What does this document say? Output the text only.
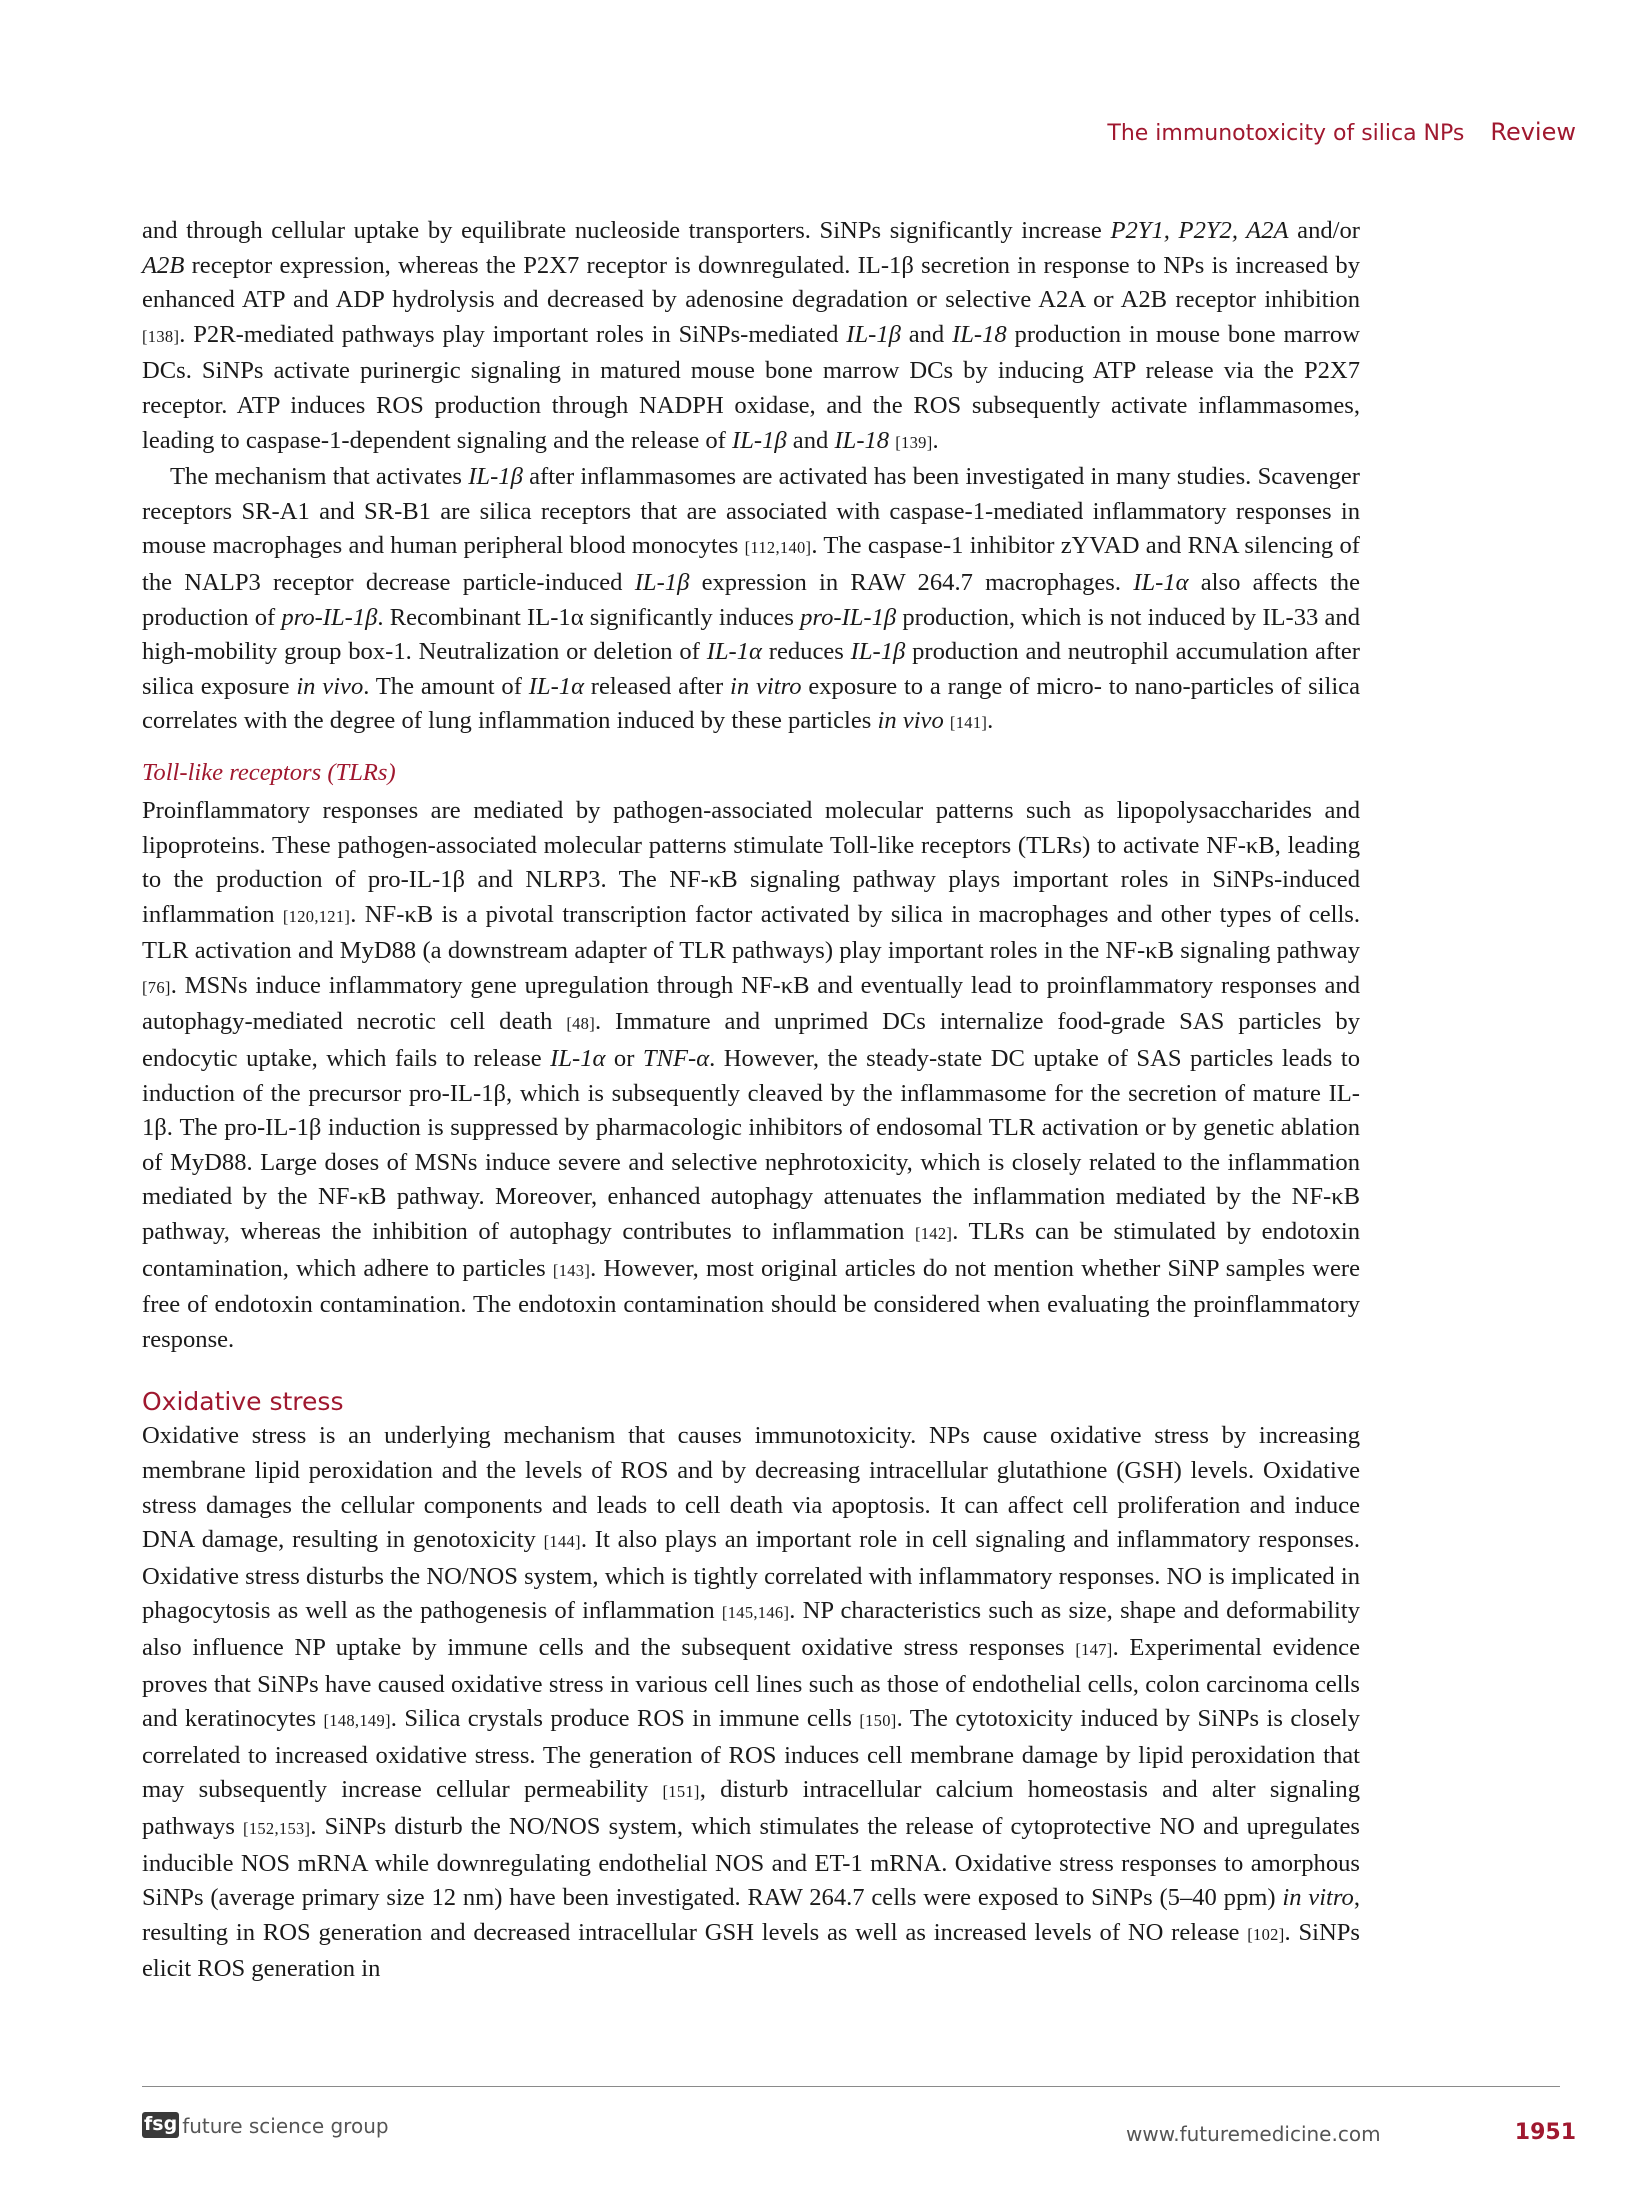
The immunotoxicity of silica NPs Review

and through cellular uptake by equilibrate nucleoside transporters. SiNPs significantly increase P2Y1, P2Y2, A2A and/or A2B receptor expression, whereas the P2X7 receptor is downregulated. IL-1β secretion in response to NPs is increased by enhanced ATP and ADP hydrolysis and decreased by adenosine degradation or selective A2A or A2B receptor inhibition [138]. P2R-mediated pathways play important roles in SiNPs-mediated IL-1β and IL-18 production in mouse bone marrow DCs. SiNPs activate purinergic signaling in matured mouse bone marrow DCs by inducing ATP release via the P2X7 receptor. ATP induces ROS production through NADPH oxidase, and the ROS subsequently activate inflammasomes, leading to caspase-1-dependent signaling and the release of IL-1β and IL-18 [139].

The mechanism that activates IL-1β after inflammasomes are activated has been investigated in many studies. Scavenger receptors SR-A1 and SR-B1 are silica receptors that are associated with caspase-1-mediated inflammatory responses in mouse macrophages and human peripheral blood monocytes [112,140]. The caspase-1 inhibitor zYVAD and RNA silencing of the NALP3 receptor decrease particle-induced IL-1β expression in RAW 264.7 macrophages. IL-1α also affects the production of pro-IL-1β. Recombinant IL-1α significantly induces pro-IL-1β production, which is not induced by IL-33 and high-mobility group box-1. Neutralization or deletion of IL-1α reduces IL-1β production and neutrophil accumulation after silica exposure in vivo. The amount of IL-1α released after in vitro exposure to a range of micro- to nano-particles of silica correlates with the degree of lung inflammation induced by these particles in vivo [141].

Toll-like receptors (TLRs)

Proinflammatory responses are mediated by pathogen-associated molecular patterns such as lipopolysaccharides and lipoproteins. These pathogen-associated molecular patterns stimulate Toll-like receptors (TLRs) to activate NF-κB, leading to the production of pro-IL-1β and NLRP3. The NF-κB signaling pathway plays important roles in SiNPs-induced inflammation [120,121]. NF-κB is a pivotal transcription factor activated by silica in macrophages and other types of cells. TLR activation and MyD88 (a downstream adapter of TLR pathways) play important roles in the NF-κB signaling pathway [76]. MSNs induce inflammatory gene upregulation through NF-κB and eventually lead to proinflammatory responses and autophagy-mediated necrotic cell death [48]. Immature and unprimed DCs internalize food-grade SAS particles by endocytic uptake, which fails to release IL-1α or TNF-α. However, the steady-state DC uptake of SAS particles leads to induction of the precursor pro-IL-1β, which is subsequently cleaved by the inflammasome for the secretion of mature IL-1β. The pro-IL-1β induction is suppressed by pharmacologic inhibitors of endosomal TLR activation or by genetic ablation of MyD88. Large doses of MSNs induce severe and selective nephrotoxicity, which is closely related to the inflammation mediated by the NF-κB pathway. Moreover, enhanced autophagy attenuates the inflammation mediated by the NF-κB pathway, whereas the inhibition of autophagy contributes to inflammation [142]. TLRs can be stimulated by endotoxin contamination, which adhere to particles [143]. However, most original articles do not mention whether SiNP samples were free of endotoxin contamination. The endotoxin contamination should be considered when evaluating the proinflammatory response.

Oxidative stress

Oxidative stress is an underlying mechanism that causes immunotoxicity. NPs cause oxidative stress by increasing membrane lipid peroxidation and the levels of ROS and by decreasing intracellular glutathione (GSH) levels. Oxidative stress damages the cellular components and leads to cell death via apoptosis. It can affect cell proliferation and induce DNA damage, resulting in genotoxicity [144]. It also plays an important role in cell signaling and inflammatory responses. Oxidative stress disturbs the NO/NOS system, which is tightly correlated with inflammatory responses. NO is implicated in phagocytosis as well as the pathogenesis of inflammation [145,146]. NP characteristics such as size, shape and deformability also influence NP uptake by immune cells and the subsequent oxidative stress responses [147]. Experimental evidence proves that SiNPs have caused oxidative stress in various cell lines such as those of endothelial cells, colon carcinoma cells and keratinocytes [148,149]. Silica crystals produce ROS in immune cells [150]. The cytotoxicity induced by SiNPs is closely correlated to increased oxidative stress. The generation of ROS induces cell membrane damage by lipid peroxidation that may subsequently increase cellular permeability [151], disturb intracellular calcium homeostasis and alter signaling pathways [152,153]. SiNPs disturb the NO/NOS system, which stimulates the release of cytoprotective NO and upregulates inducible NOS mRNA while downregulating endothelial NOS and ET-1 mRNA. Oxidative stress responses to amorphous SiNPs (average primary size 12 nm) have been investigated. RAW 264.7 cells were exposed to SiNPs (5–40 ppm) in vitro, resulting in ROS generation and decreased intracellular GSH levels as well as increased levels of NO release [102]. SiNPs elicit ROS generation in

fsg future science group	www.futuremedicine.com	1951
